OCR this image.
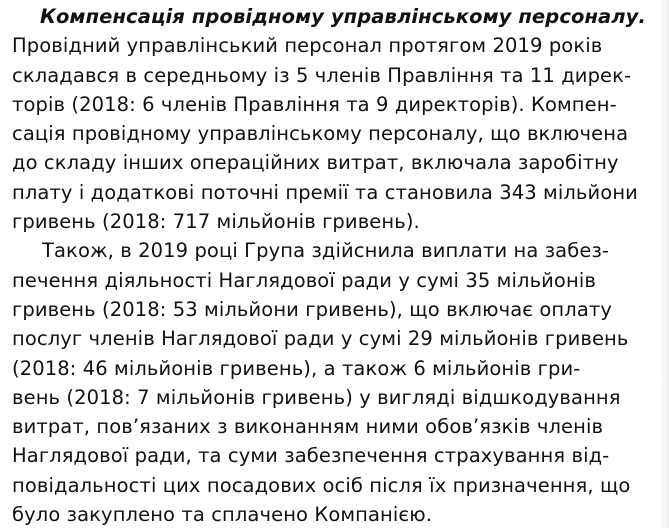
Компенсація провідному управлінському персоналу.
Провідний управлінський персонал протягом 2019 років
складався в середньому із 5 членів Правління та 11 дирек-
торів (2018: 6 членів Правління та 9 директорів). Компен-
сація провідному управлінському персоналу, що включена
до складу інших операційних витрат, включала заробітну
плату і додаткові поточні премії та становила 343 мільйони
гривень (2018: 717 мільйонів гривень).
Також, в 2019 році Група здійснила виплати на забез-
печення діяльності Наглядової ради у сумі 35 мільйонів
гривень (2018: 53 мільйони гривень), що включає оплату
послуг членів Наглядової ради у сумі 29 мільйонів гривень
(2018: 46 мільйонів гривень), а також 6 мільйонів гри-
вень (2018: 7 мільйонів гривень) у вигляді відшкодування
витрат, пов’язаних з виконанням ними обов’язків членів
Наглядової ради, та суми забезпечення страхування від-
повідальності цих посадових осіб після їх призначення, що
було закуплено та сплачено Компанією.
